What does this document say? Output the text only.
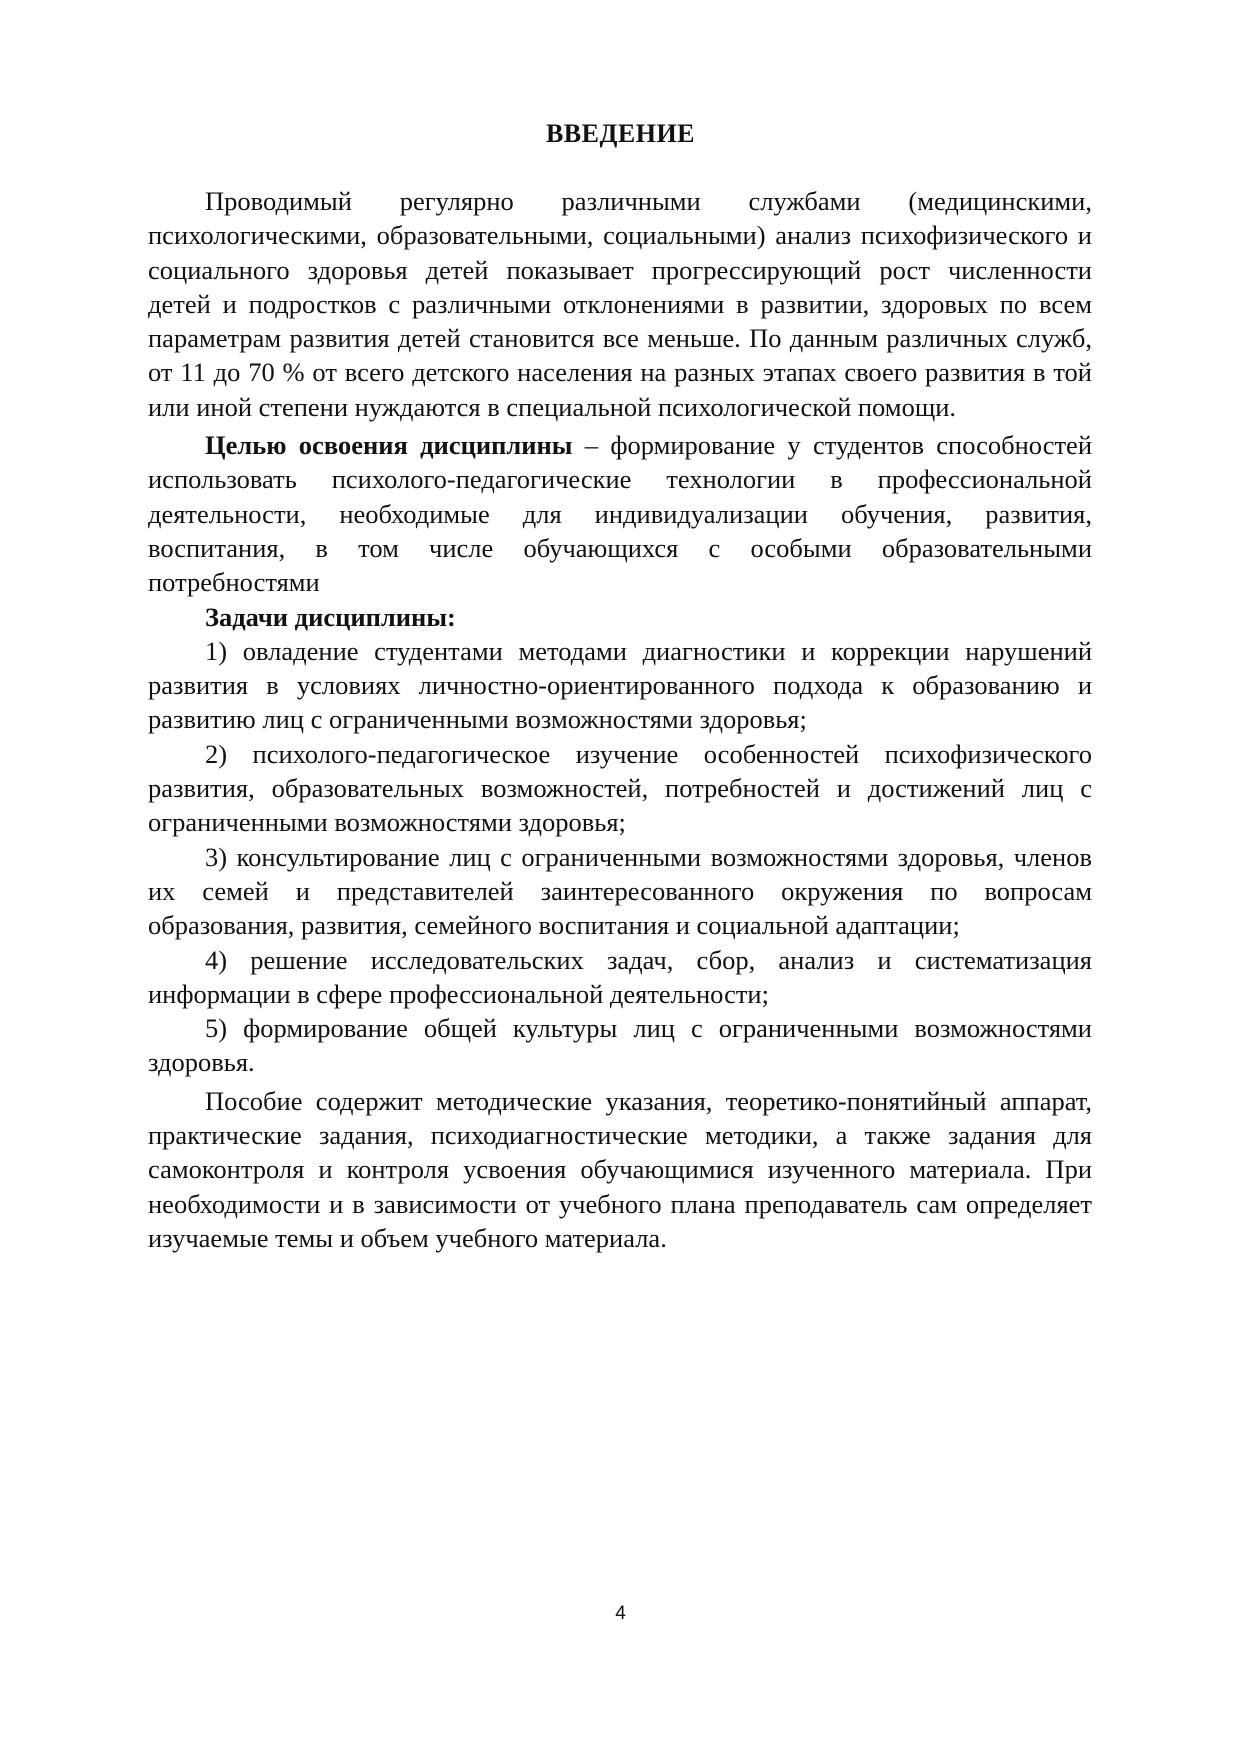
ВВЕДЕНИЕ

Проводимый регулярно различными службами (медицинскими, психологическими, образовательными, социальными) анализ психофизического и социального здоровья детей показывает прогрессирующий рост численности детей и подростков с различными отклонениями в развитии, здоровых по всем параметрам развития детей становится все меньше. По данным различных служб, от 11 до 70 % от всего детского населения на разных этапах своего развития в той или иной степени нуждаются в специальной психологической помощи.

Целью освоения дисциплины – формирование у студентов способностей использовать психолого-педагогические технологии в профессиональной деятельности, необходимые для индивидуализации обучения, развития, воспитания, в том числе обучающихся с особыми образовательными потребностями

Задачи дисциплины:

1) овладение студентами методами диагностики и коррекции нарушений развития в условиях личностно-ориентированного подхода к образованию и развитию лиц с ограниченными возможностями здоровья;

2) психолого-педагогическое изучение особенностей психофизического развития, образовательных возможностей, потребностей и достижений лиц с ограниченными возможностями здоровья;

3) консультирование лиц с ограниченными возможностями здоровья, членов их семей и представителей заинтересованного окружения по вопросам образования, развития, семейного воспитания и социальной адаптации;

4) решение исследовательских задач, сбор, анализ и систематизация информации в сфере профессиональной деятельности;

5) формирование общей культуры лиц с ограниченными возможностями здоровья.

Пособие содержит методические указания, теоретико-понятийный аппарат, практические задания, психодиагностические методики, а также задания для самоконтроля и контроля усвоения обучающимися изученного материала. При необходимости и в зависимости от учебного плана преподаватель сам определяет изучаемые темы и объем учебного материала.

4
